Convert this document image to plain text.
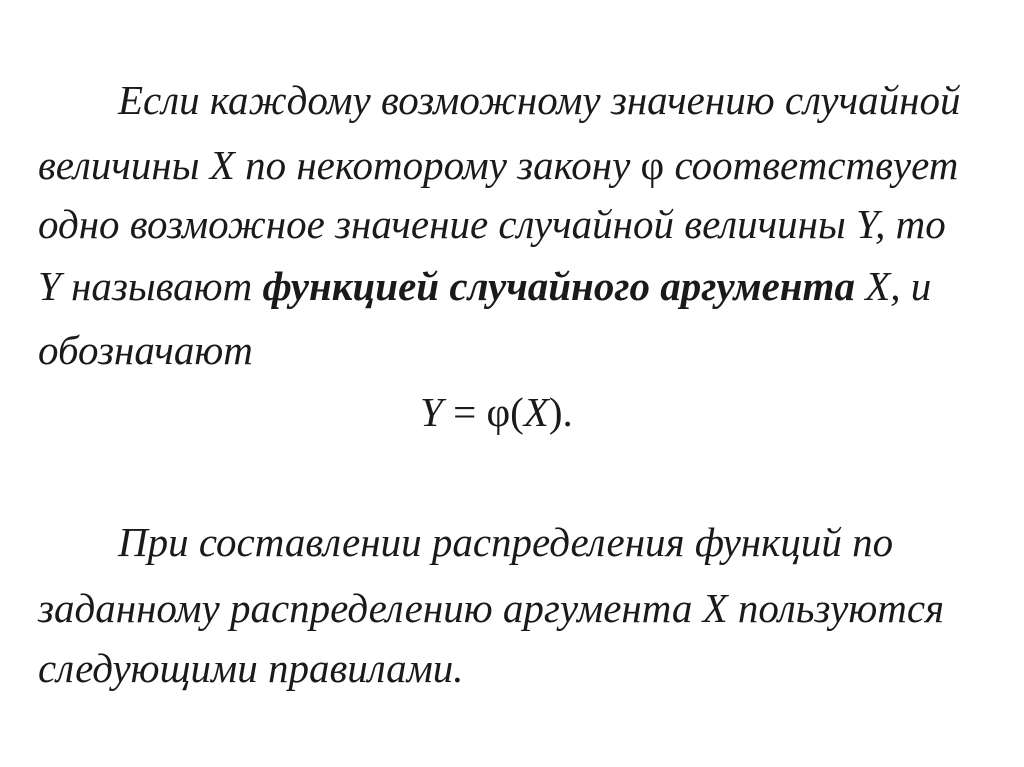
Если каждому возможному значению случайной
величины X по некоторому закону φ соответствует
одно возможное значение случайной величины Y, то
Y называют функцией случайного аргумента X, и
обозначают
Y = φ(X).
При составлении распределения функций по
заданному распределению аргумента X пользуются
следующими правилами.
